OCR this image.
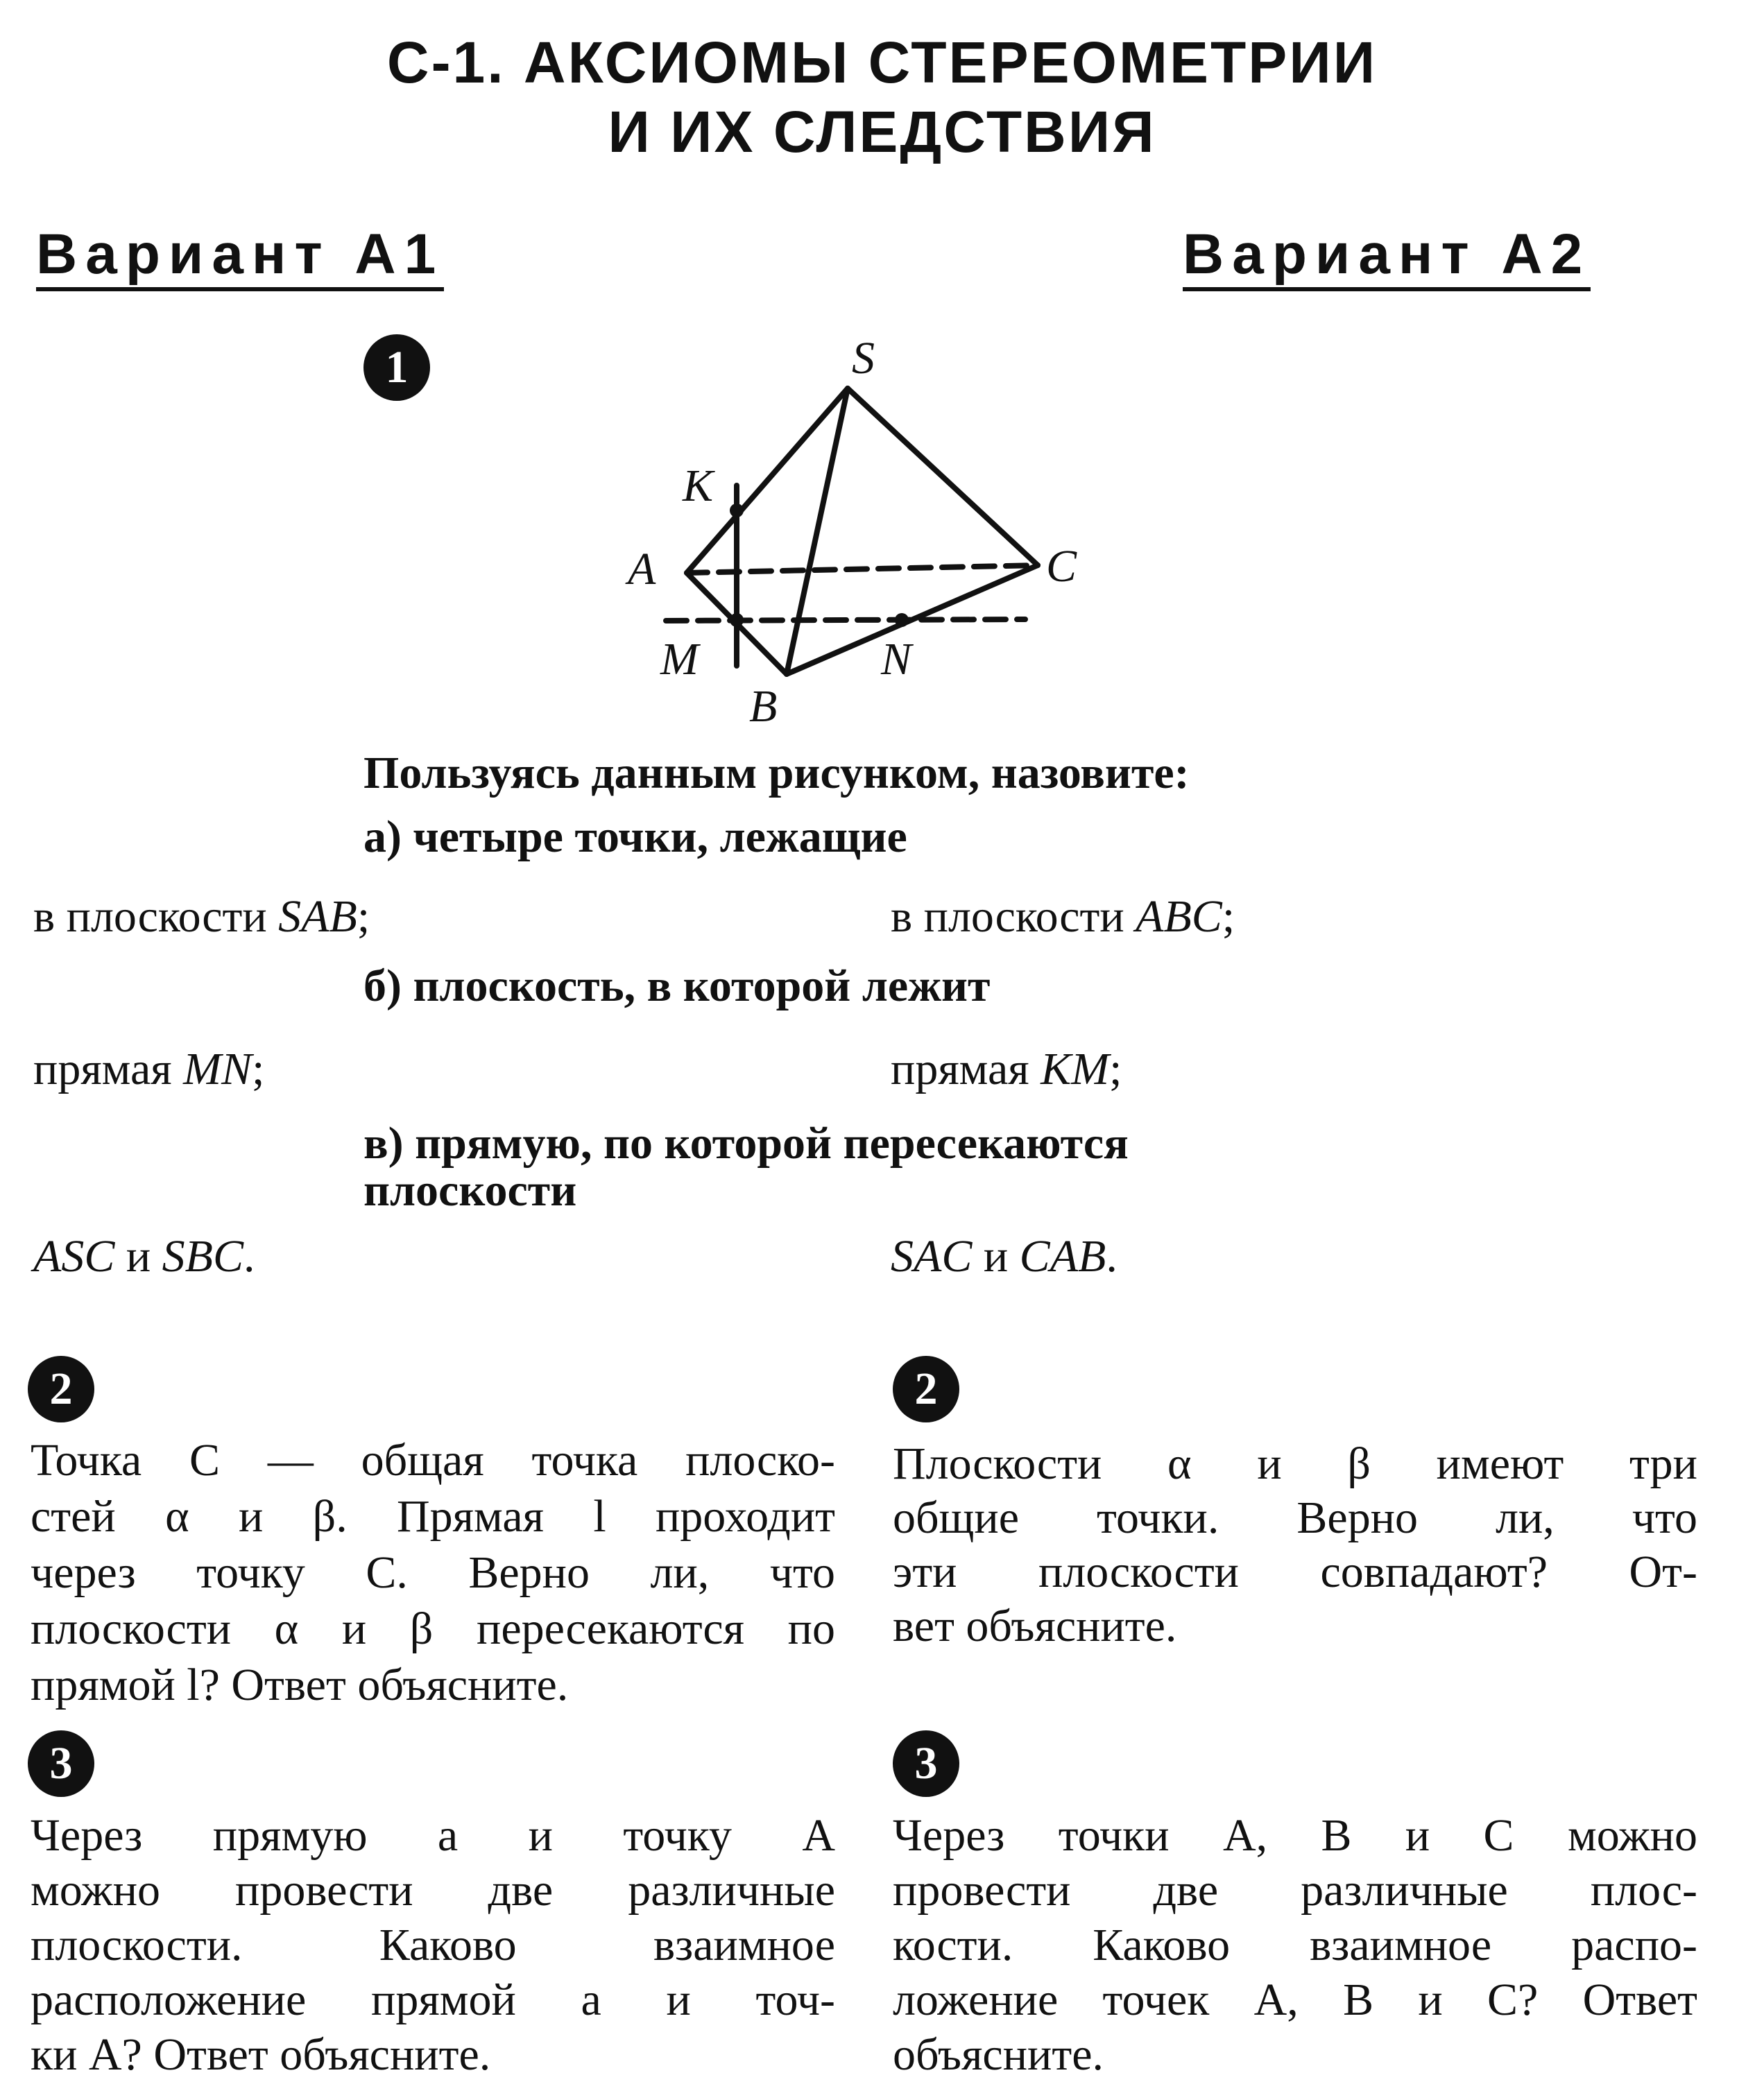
С-1. АКСИОМЫ СТЕРЕОМЕТРИИ
И ИХ СЛЕДСТВИЯ
Вариант А1	Вариант А2
1	S
K
A	C
M	N
B
Пользуясь данным рисунком, назовите:
а) четыре точки, лежащие
в плоскости SAB;	в плоскости ABC;
б) плоскость, в которой лежит
прямая MN;	прямая KM;
в) прямую, по которой пересекаются
плоскости
ASC и SBC.	SAC и CAB.
2	2
Точка C — общая точка плоско-
стей α и β. Прямая l проходит
через точку C. Верно ли, что
плоскости α и β пересекаются по
прямой l? Ответ объясните.
Плоскости α и β имеют три
общие точки. Верно ли, что
эти плоскости совпадают? От-
вет объясните.
3	3
Через прямую a и точку A
можно провести две различные
плоскости. Каково взаимное
расположение прямой a и точ-
ки A? Ответ объясните.
Через точки A, B и C можно
провести две различные плос-
кости. Каково взаимное распо-
ложение точек A, B и C? Ответ
объясните.
